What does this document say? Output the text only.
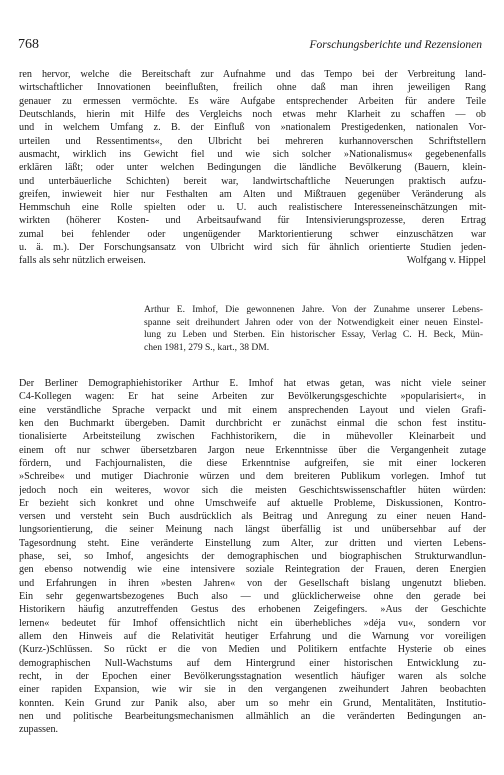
768	Forschungsberichte und Rezensionen
ren hervor, welche die Bereitschaft zur Aufnahme und das Tempo bei der Verbreitung land-
wirtschaftlicher Innovationen beeinflußten, freilich ohne daß man ihren jeweiligen Rang
genauer zu ermessen vermöchte. Es wäre Aufgabe entsprechender Arbeiten für andere Teile
Deutschlands, hierin mit Hilfe des Vergleichs noch etwas mehr Klarheit zu schaffen — ob
und in welchem Umfang z. B. der Einfluß von »nationalem Prestigedenken, nationalen Vor-
urteilen und Ressentiments«, den Ulbricht bei mehreren kurhannoverschen Schriftstellern
ausmacht, wirklich ins Gewicht fiel und wie sich solcher »Nationalismus« gegebenenfalls
erklären läßt; oder unter welchen Bedingungen die ländliche Bevölkerung (Bauern, klein-
und unterbäuerliche Schichten) bereit war, landwirtschaftliche Neuerungen praktisch aufzu-
greifen, inwieweit hier nur Festhalten am Alten und Mißtrauen gegenüber Veränderung als
Hemmschuh eine Rolle spielten oder u. U. auch realistischere Interesseneinschätzungen mit-
wirkten (höherer Kosten- und Arbeitsaufwand für Intensivierungsprozesse, deren Ertrag
zumal bei fehlender oder ungenügender Marktorientierung schwer einzuschätzen war
u. ä. m.). Der Forschungsansatz von Ulbricht wird sich für ähnlich orientierte Studien jeden-
falls als sehr nützlich erweisen.	Wolfgang v. Hippel
Arthur E. Imhof, Die gewonnenen Jahre. Von der Zunahme unserer Lebens-
spanne seit dreihundert Jahren oder von der Notwendigkeit einer neuen Einstel-
lung zu Leben und Sterben. Ein historischer Essay, Verlag C. H. Beck, Mün-
chen 1981, 279 S., kart., 38 DM.
Der Berliner Demographiehistoriker Arthur E. Imhof hat etwas getan, was nicht viele seiner
C4-Kollegen wagen: Er hat seine Arbeiten zur Bevölkerungsgeschichte »popularisiert«, in
eine verständliche Sprache verpackt und mit einem ansprechenden Layout und vielen Grafi-
ken den Buchmarkt übergeben. Damit durchbricht er zunächst einmal die schon fest institu-
tionalisierte Arbeitsteilung zwischen Fachhistorikern, die in mühevoller Kleinarbeit und
einem oft nur schwer übersetzbaren Jargon neue Erkenntnisse über die Vergangenheit zutage
fördern, und Fachjournalisten, die diese Erkenntnise aufgreifen, sie mit einer lockeren
»Schreibe« und mutiger Diachronie würzen und dem breiteren Publikum vorlegen. Imhof tut
jedoch noch ein weiteres, wovor sich die meisten Geschichtswissenschaftler hüten würden:
Er bezieht sich konkret und ohne Umschweife auf aktuelle Probleme, Diskussionen, Kontro-
versen und versteht sein Buch ausdrücklich als Beitrag und Anregung zu einer neuen Hand-
lungsorientierung, die seiner Meinung nach längst überfällig ist und unübersehbar auf der
Tagesordnung steht. Eine veränderte Einstellung zum Alter, zur dritten und vierten Lebens-
phase, sei, so Imhof, angesichts der demographischen und biographischen Strukturwandlun-
gen ebenso notwendig wie eine intensivere soziale Reintegration der Frauen, deren Energien
und Erfahrungen in ihren »besten Jahren« von der Gesellschaft bislang ungenutzt blieben.
Ein sehr gegenwartsbezogenes Buch also — und glücklicherweise ohne den gerade bei
Historikern häufig anzutreffenden Gestus des erhobenen Zeigefingers. »Aus der Geschichte
lernen« bedeutet für Imhof offensichtlich nicht ein überhebliches »déja vu«, sondern vor
allem den Hinweis auf die Relativität heutiger Erfahrung und die Warnung vor voreiligen
(Kurz-)Schlüssen. So rückt er die von Medien und Politikern entfachte Hysterie ob eines
demographischen Null-Wachstums auf dem Hintergrund einer historischen Entwicklung zu-
recht, in der Epochen einer Bevölkerungsstagnation wesentlich häufiger waren als solche
einer rapiden Expansion, wie wir sie in den vergangenen zweihundert Jahren beobachten
konnten. Kein Grund zur Panik also, aber um so mehr ein Grund, Mentalitäten, Institutio-
nen und politische Bearbeitungsmechanismen allmählich an die veränderten Bedingungen an-
zupassen.
